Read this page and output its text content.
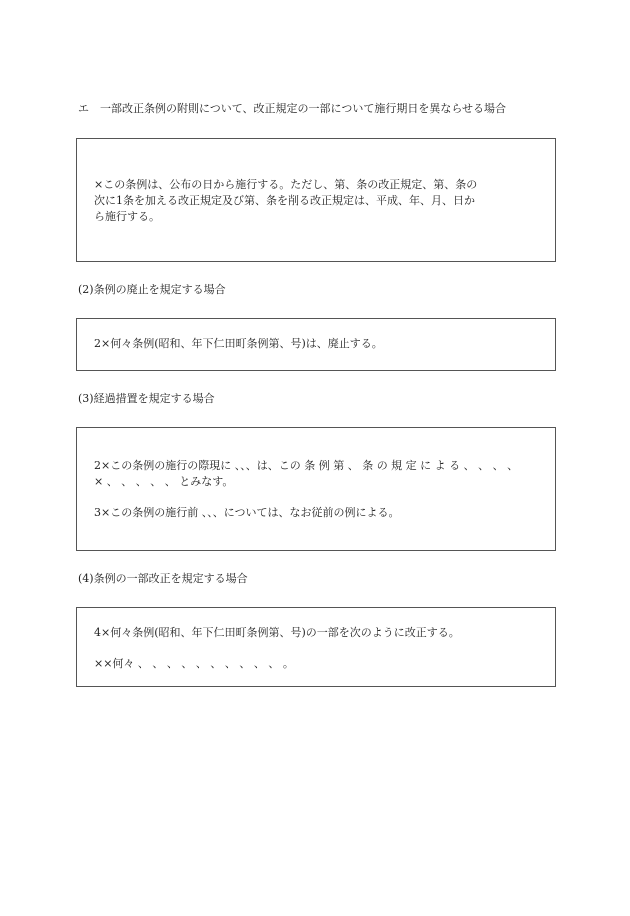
エ　一部改正条例の附則について、改正規定の一部について施行期日を異ならせる場合

×この条例は、公布の日から施行する。ただし、第、条の改正規定、第、条の

次に1条を加える改正規定及び第、条を削る改正規定は、平成、年、月、日か

ら施行する。

(2)条例の廃止を規定する場合

2×何々条例(昭和、年下仁田町条例第、号)は、廃止する。

(3)経過措置を規定する場合

2×この条例の施行の際現に 、、、は、この 条 例 第 、 条 の 規 定 に よ る 、 、 、 、

× 、 、 、 、 、 とみなす。

3×この条例の施行前 、、、については、なお従前の例による。

(4)条例の一部改正を規定する場合

4×何々条例(昭和、年下仁田町条例第、号)の一部を次のように改正する。

××何々 、 、 、 、 、 、 、 、 、 、 。
